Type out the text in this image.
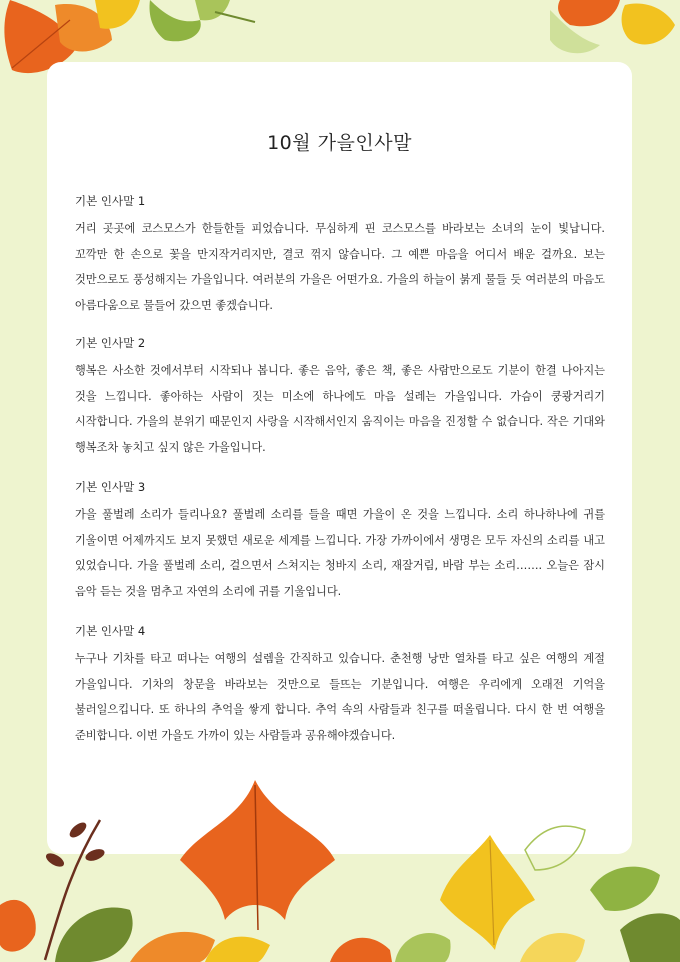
10월 가을인사말
기본 인사말 1

거리 곳곳에 코스모스가 한들한들 피었습니다. 무심하게 핀 코스모스를 바라보는 소녀의 눈이 빛납니다. 꼬깍만 한 손으로 꽃을 만지작거리지만, 결코 꺾지 않습니다. 그 예쁜 마음을 어디서 배운 걸까요. 보는 것만으로도 풍성해지는 가을입니다. 여러분의 가을은 어떤가요. 가을의 하늘이 붉게 물들 듯 여러분의 마음도 아름다움으로 물들어 갔으면 좋겠습니다.

기본 인사말 2

행복은 사소한 것에서부터 시작되나 봅니다. 좋은 음악, 좋은 책, 좋은 사람만으로도 기분이 한결 나아지는 것을 느낍니다. 좋아하는 사람이 짓는 미소에 하나에도 마음 설레는 가을입니다. 가슴이 쿵쾅거리기 시작합니다. 가을의 분위기 때문인지 사랑을 시작해서인지 움직이는 마음을 진정할 수 없습니다. 작은 기대와 행복조차 놓치고 싶지 않은 가을입니다.

기본 인사말 3

가을 풀벌레 소리가 들리나요? 풀벌레 소리를 들을 때면 가을이 온 것을 느낍니다. 소리 하나하나에 귀를 기울이면 어제까지도 보지 못했던 새로운 세계를 느낍니다. 가장 가까이에서 생명은 모두 자신의 소리를 내고 있었습니다. 가을 풀벌레 소리, 걸으면서 스쳐지는 청바지 소리, 재잘거림, 바람 부는 소리……. 오늘은 잠시 음악 듣는 것을 멈추고 자연의 소리에 귀를 기울입니다.

기본 인사말 4

누구나 기차를 타고 떠나는 여행의 설렘을 간직하고 있습니다. 춘천행 낭만 열차를 타고 싶은 여행의 계절 가을입니다. 기차의 창문을 바라보는 것만으로 들뜨는 기분입니다. 여행은 우리에게 오래전 기억을 불러일으킵니다. 또 하나의 추억을 쌓게 합니다. 추억 속의 사람들과 친구를 떠올립니다. 다시 한 번 여행을 준비합니다. 이번 가을도 가까이 있는 사람들과 공유해야겠습니다.
